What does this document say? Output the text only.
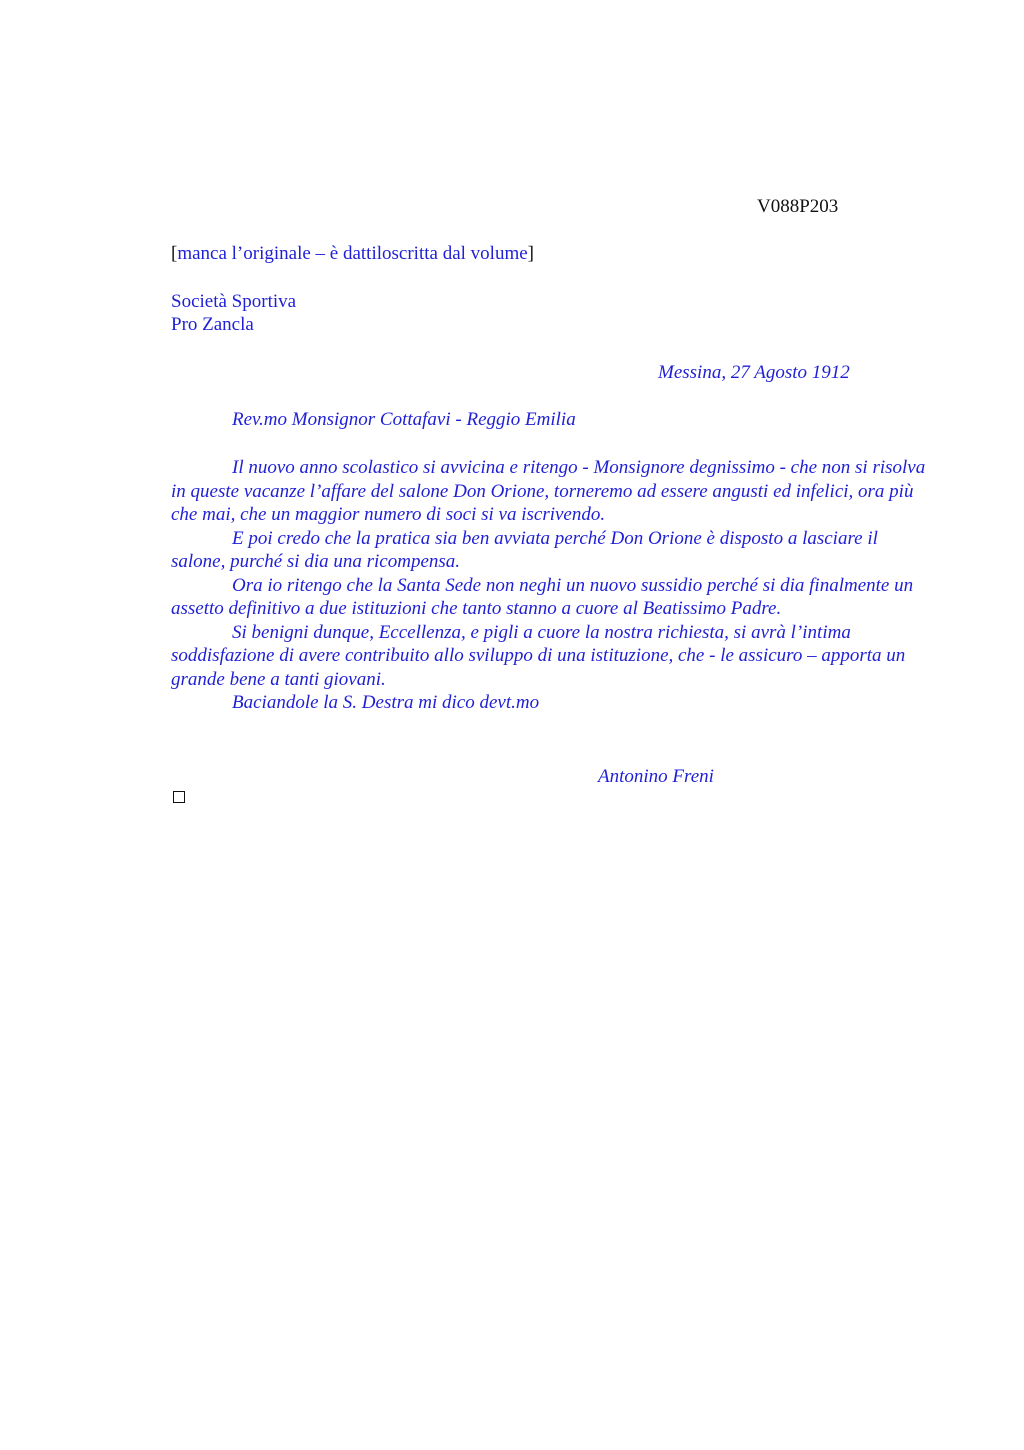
V088P203
[manca l’originale – è dattiloscritta dal volume]
Società Sportiva
Pro Zancla
Messina, 27 Agosto 1912
Rev.mo Monsignor Cottafavi - Reggio Emilia

Il nuovo anno scolastico si avvicina e ritengo - Monsignore degnissimo - che non si risolva in queste vacanze l’affare del salone Don Orione, torneremo ad essere angusti ed infelici, ora più che mai, che un maggior numero di soci si va iscrivendo.

E poi credo che la pratica sia ben avviata perché Don Orione è disposto a lasciare il salone, purché si dia una ricompensa.

Ora io ritengo che la Santa Sede non neghi un nuovo sussidio perché si dia finalmente un assetto definitivo a due istituzioni che tanto stanno a cuore al Beatissimo Padre.

Si benigni dunque, Eccellenza, e pigli a cuore la nostra richiesta, si avrà l’intima soddisfazione di avere contribuito allo sviluppo di una istituzione, che - le assicuro – apporta un grande bene a tanti giovani.

Baciandole la S. Destra mi dico devt.mo

Antonino Freni
